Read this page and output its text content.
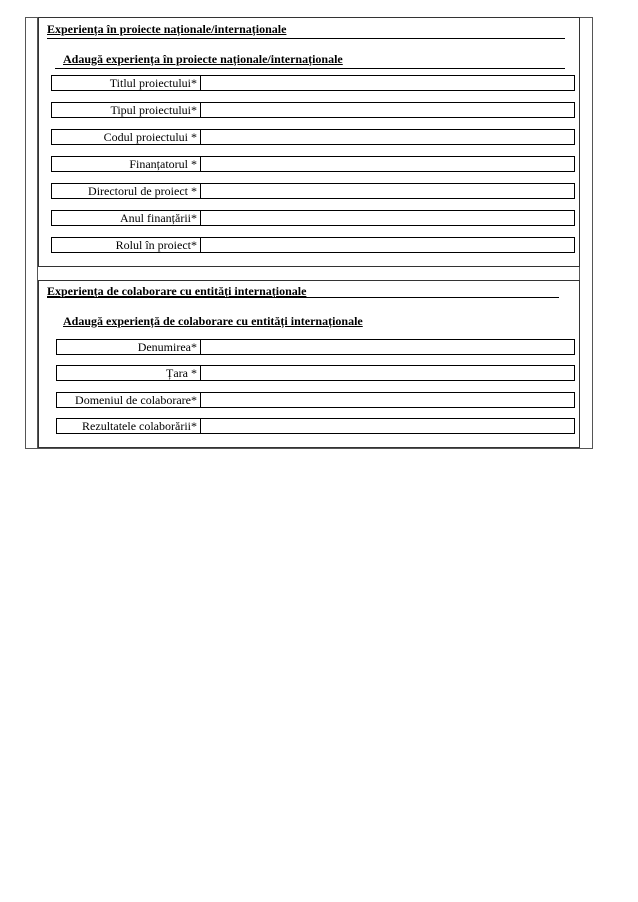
Experiența în proiecte naționale/internaționale
Adaugă experiența în proiecte naționale/internaționale
Titlul proiectului*
Tipul proiectului*
Codul proiectului *
Finanțatorul *
Directorul de proiect *
Anul finanțării*
Rolul în proiect*
Experiența de colaborare cu entități internaționale
Adaugă experiență de colaborare cu entități internaționale
Denumirea*
Țara *
Domeniul de colaborare*
Rezultatele colaborării*
